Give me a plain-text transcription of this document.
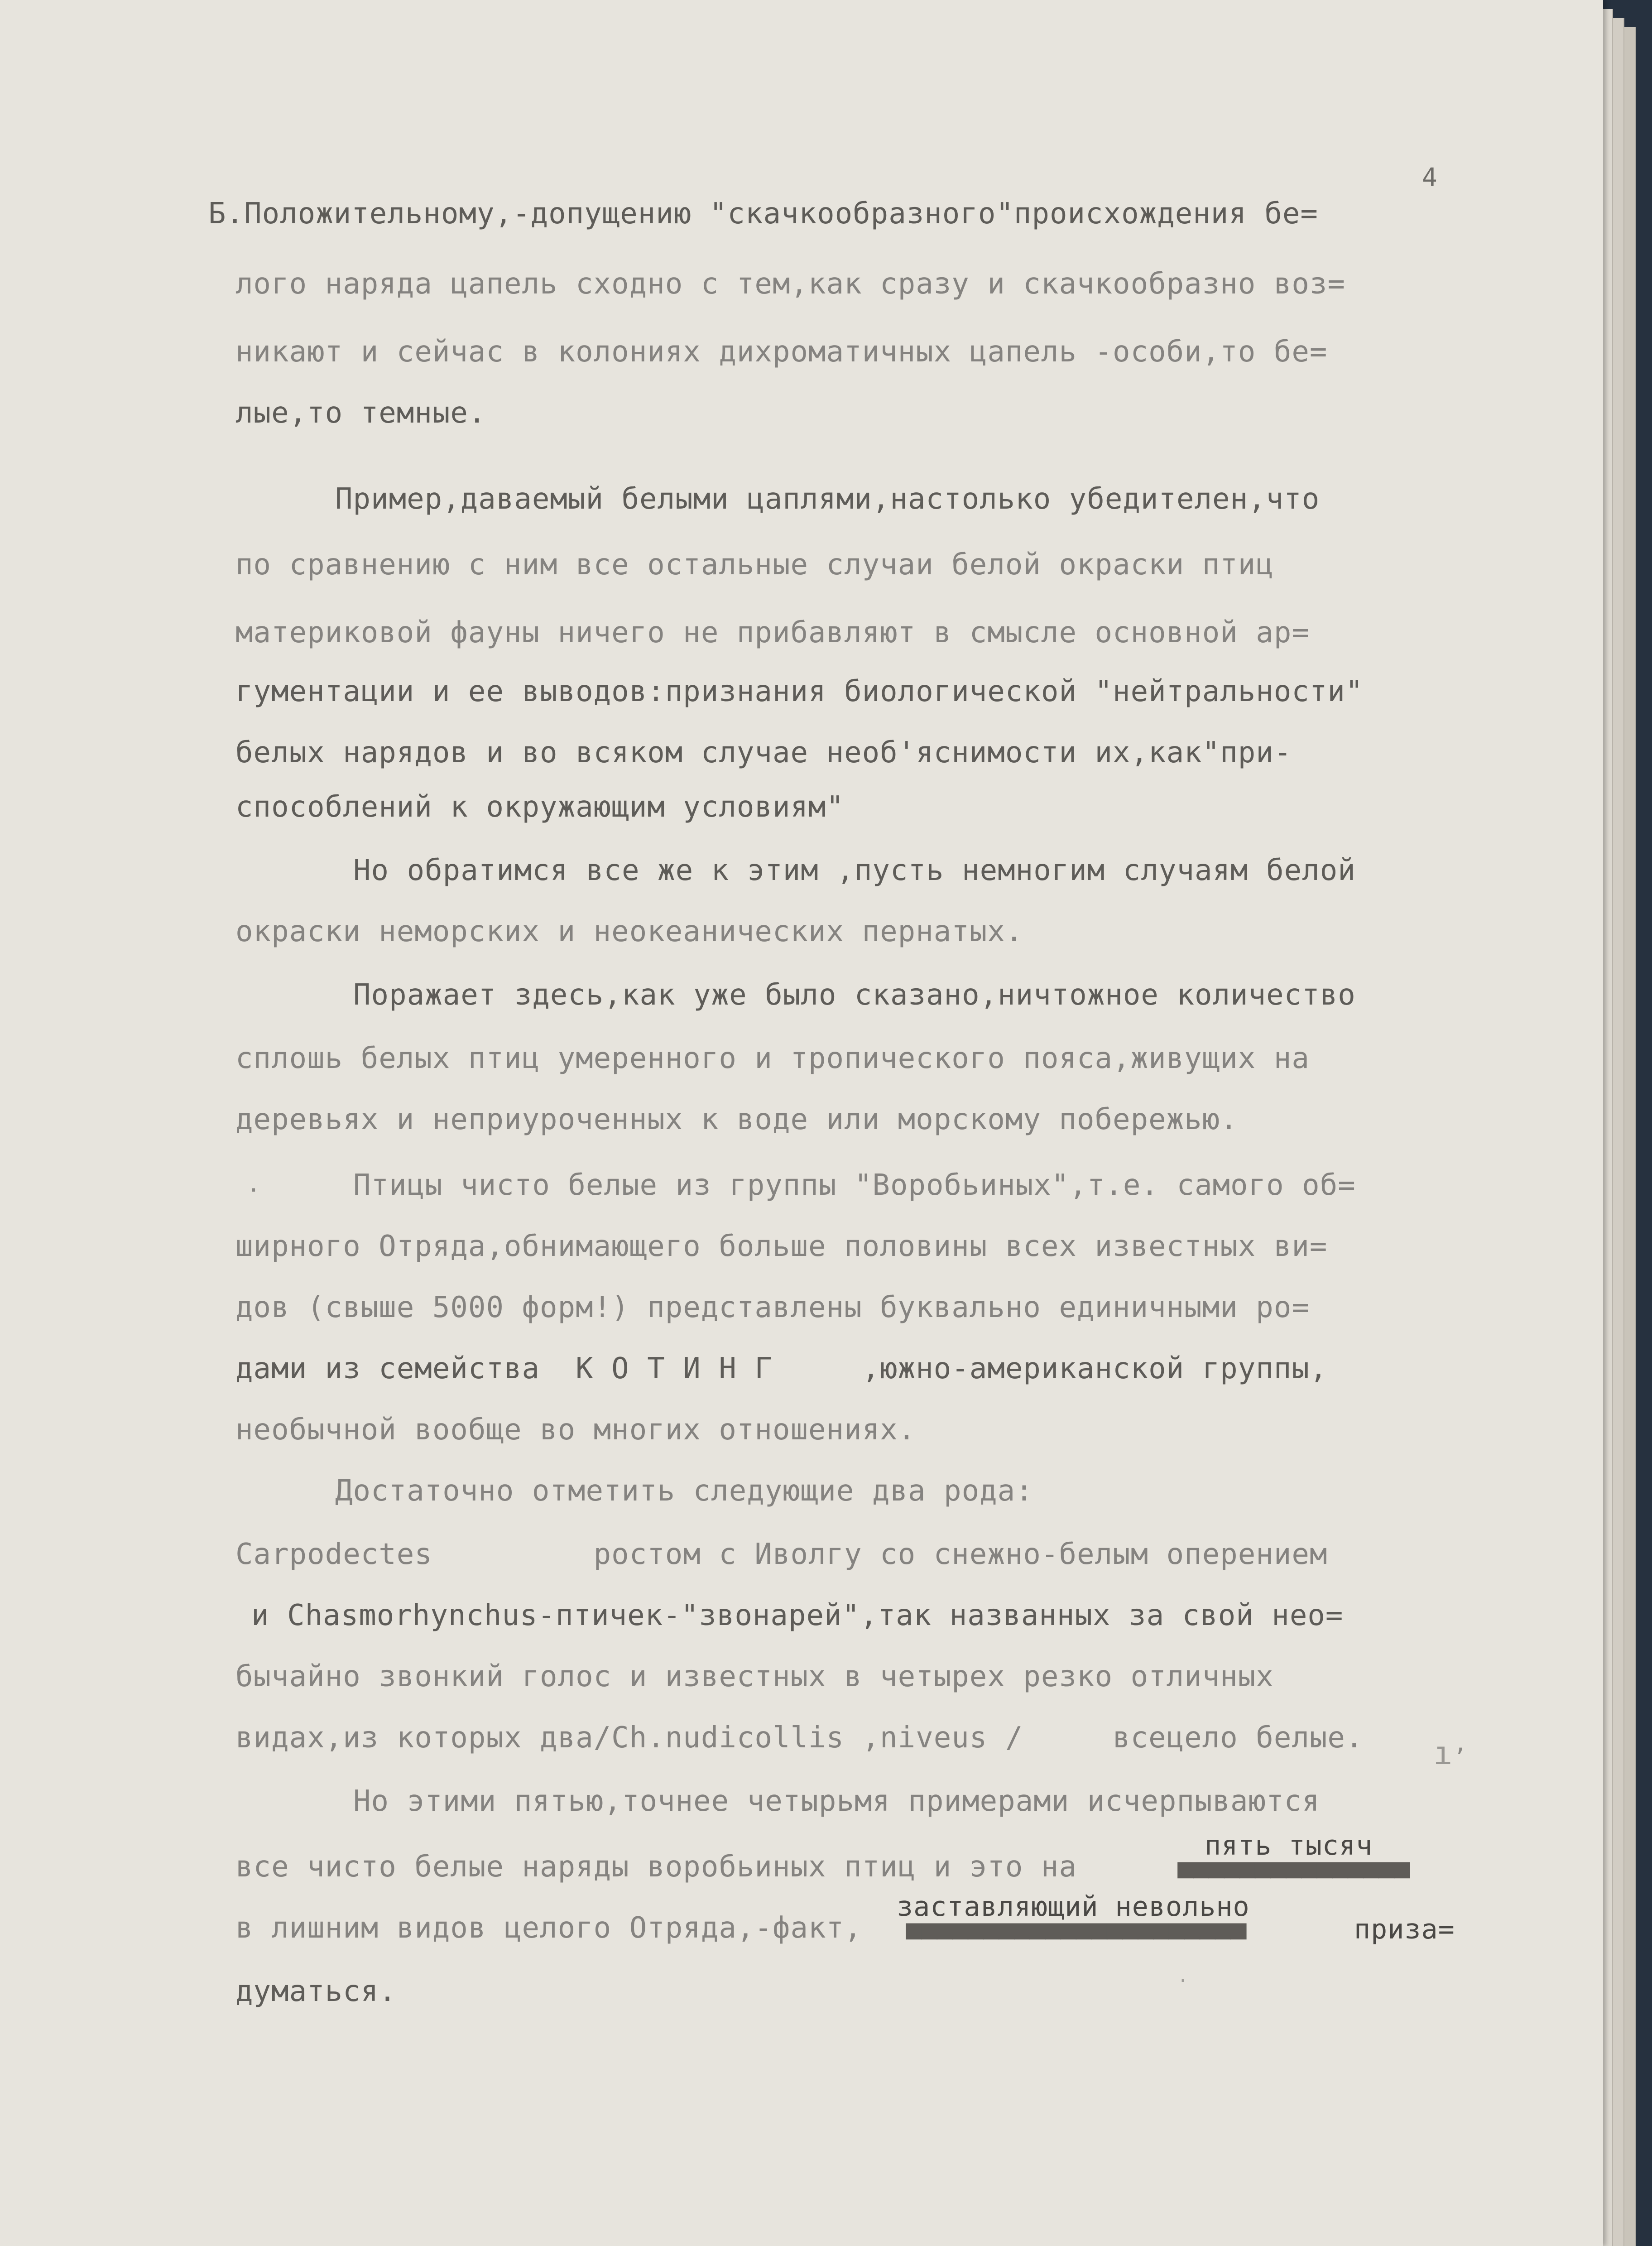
4

Б.Положительному,-допущению "скачкообразного"происхождения бе=

лого наряда цапель сходно с тем,как сразу и скачкообразно воз=

никают и сейчас в колониях дихроматичных цапель -особи,то бе=

лые,то темные.

Пример,даваемый белыми цаплями,настолько убедителен,что

по сравнению с ним все остальные случаи белой окраски птиц

материковой фауны ничего не прибавляют в смысле основной ар=

гументации и ее выводов:признания биологической "нейтральности"

белых нарядов и во всяком случае необ'яснимости их,как"при-

способлений к окружающим условиям"

Но обратимся все же к этим ,пусть немногим случаям белой

окраски неморских и неокеанических пернатых.

Поражает здесь,как уже было сказано,ничтожное количество

сплошь белых птиц умеренного и тропического пояса,живущих на

деревьях и неприуроченных к воде или морскому побережью.

.	Птицы чисто белые из группы "Воробьиных",т.е. самого об=

ширного Отряда,обнимающего больше половины всех известных ви=

дов (свыше 5000 форм!) представлены буквально единичными ро=

дами из семейства  К О Т И Н Г     ,южно-американской группы,

необычной вообще во многих отношениях.

Достаточно отметить следующие два рода:

Carpodectes         ростом с Иволгу со снежно-белым оперением

и Chasmorhynchus-птичек-"звонарей",так названных за свой нео=

бычайно звонкий голос и известных в четырех резко отличных

видах,из которых два/Ch.nudicollis ,niveus /     всецело белые.

Но этими пятью,точнее четырьмя примерами исчерпываются

пять тысяч

все чисто белые наряды воробьиных птиц и это на	■■■■■■■■■■■■■■■
заставляющий невольно

в лишним видов целого Отряда,-факт, ■■■■■■■■■■■■■■■■■■■■■■	приза=

думаться.

,
ı
.
